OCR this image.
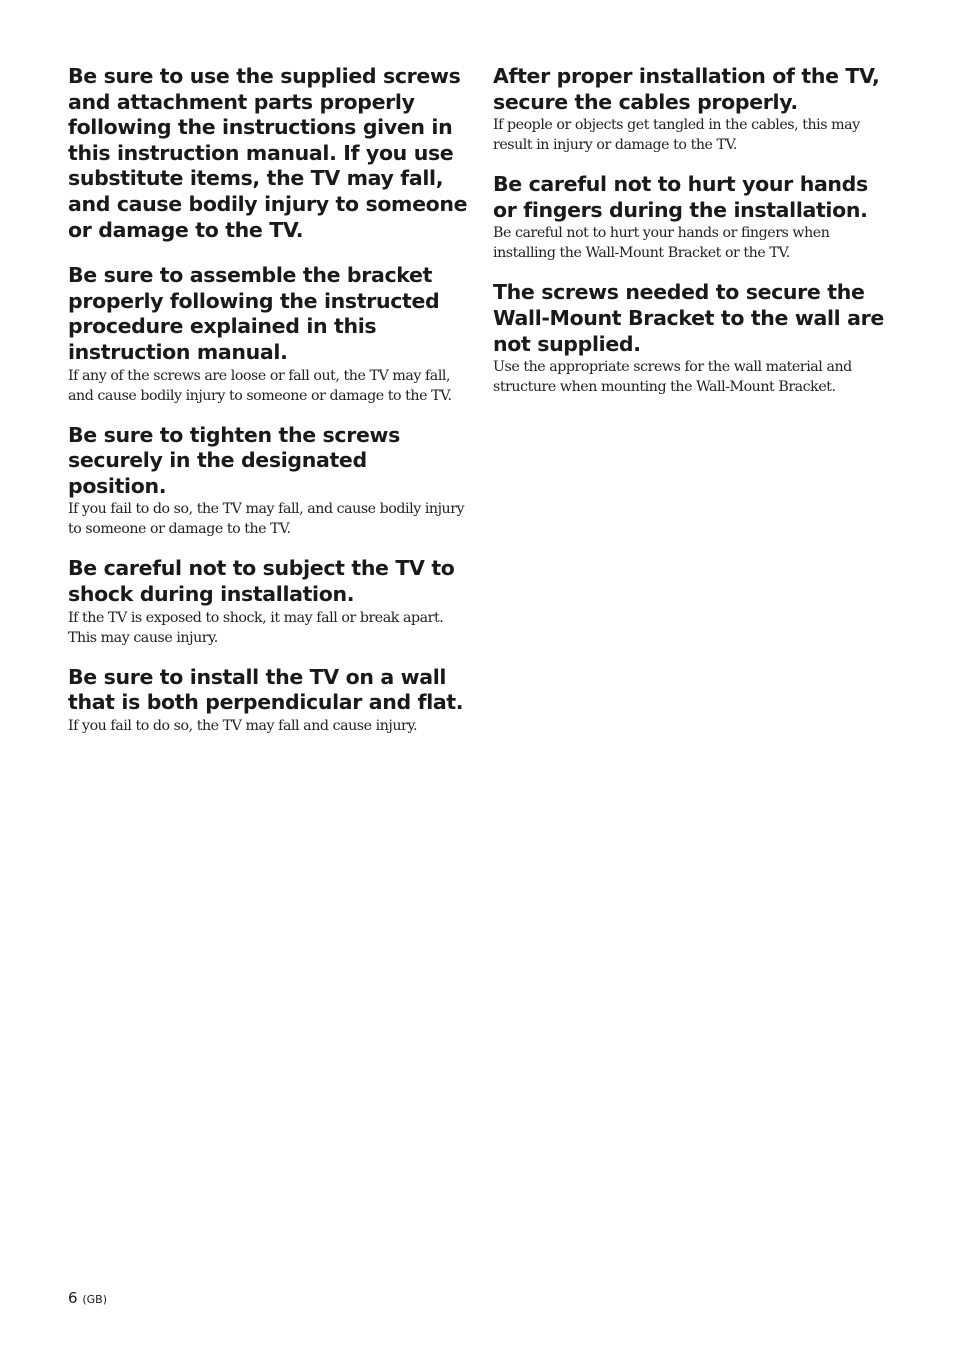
Be sure to use the supplied screws and attachment parts properly following the instructions given in this instruction manual. If you use substitute items, the TV may fall, and cause bodily injury to someone or damage to the TV.

Be sure to assemble the bracket properly following the instructed procedure explained in this instruction manual.

If any of the screws are loose or fall out, the TV may fall, and cause bodily injury to someone or damage to the TV.

Be sure to tighten the screws securely in the designated position.

If you fail to do so, the TV may fall, and cause bodily injury to someone or damage to the TV.

Be careful not to subject the TV to shock during installation.

If the TV is exposed to shock, it may fall or break apart. This may cause injury.

Be sure to install the TV on a wall that is both perpendicular and flat.

If you fail to do so, the TV may fall and cause injury.

After proper installation of the TV, secure the cables properly.

If people or objects get tangled in the cables, this may result in injury or damage to the TV.

Be careful not to hurt your hands or fingers during the installation.

Be careful not to hurt your hands or fingers when installing the Wall-Mount Bracket or the TV.

The screws needed to secure the Wall-Mount Bracket to the wall are not supplied.

Use the appropriate screws for the wall material and structure when mounting the Wall-Mount Bracket.

6 (GB)
